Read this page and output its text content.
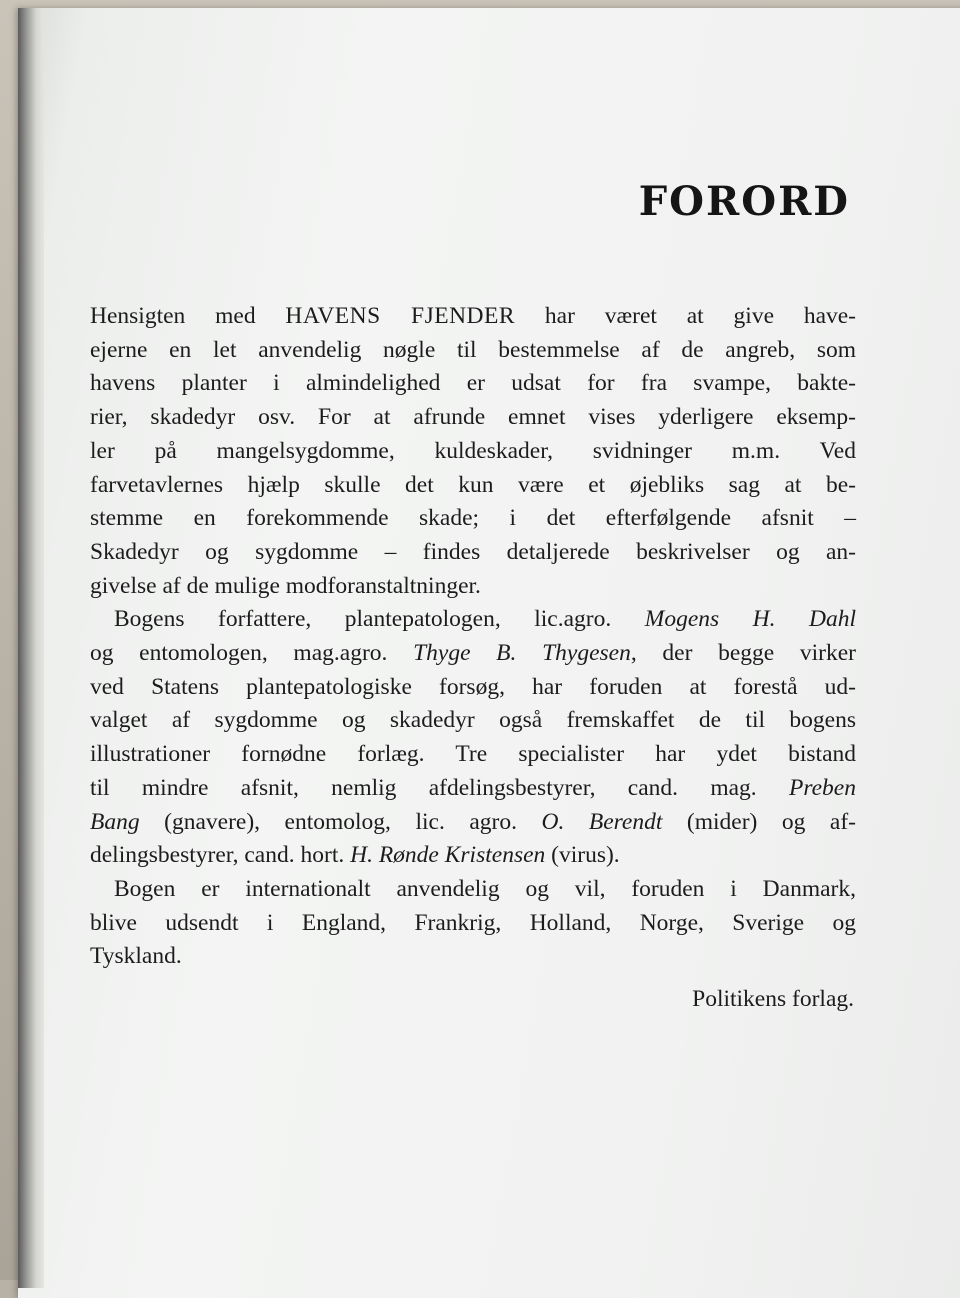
FORORD
Hensigten med HAVENS FJENDER har været at give have-
ejerne en let anvendelig nøgle til bestemmelse af de angreb, som
havens planter i almindelighed er udsat for fra svampe, bakte-
rier, skadedyr osv. For at afrunde emnet vises yderligere eksemp-
ler på mangelsygdomme, kuldeskader, svidninger m.m. Ved
farvetavlernes hjælp skulle det kun være et øjebliks sag at be-
stemme en forekommende skade; i det efterfølgende afsnit –
Skadedyr og sygdomme – findes detaljerede beskrivelser og an-
givelse af de mulige modforanstaltninger.
Bogens forfattere, plantepatologen, lic.agro. Mogens H. Dahl
og entomologen, mag.agro. Thyge B. Thygesen, der begge virker
ved Statens plantepatologiske forsøg, har foruden at forestå ud-
valget af sygdomme og skadedyr også fremskaffet de til bogens
illustrationer fornødne forlæg. Tre specialister har ydet bistand
til mindre afsnit, nemlig afdelingsbestyrer, cand. mag. Preben
Bang (gnavere), entomolog, lic. agro. O. Berendt (mider) og af-
delingsbestyrer, cand. hort. H. Rønde Kristensen (virus).
Bogen er internationalt anvendelig og vil, foruden i Danmark,
blive udsendt i England, Frankrig, Holland, Norge, Sverige og
Tyskland.
Politikens forlag.
